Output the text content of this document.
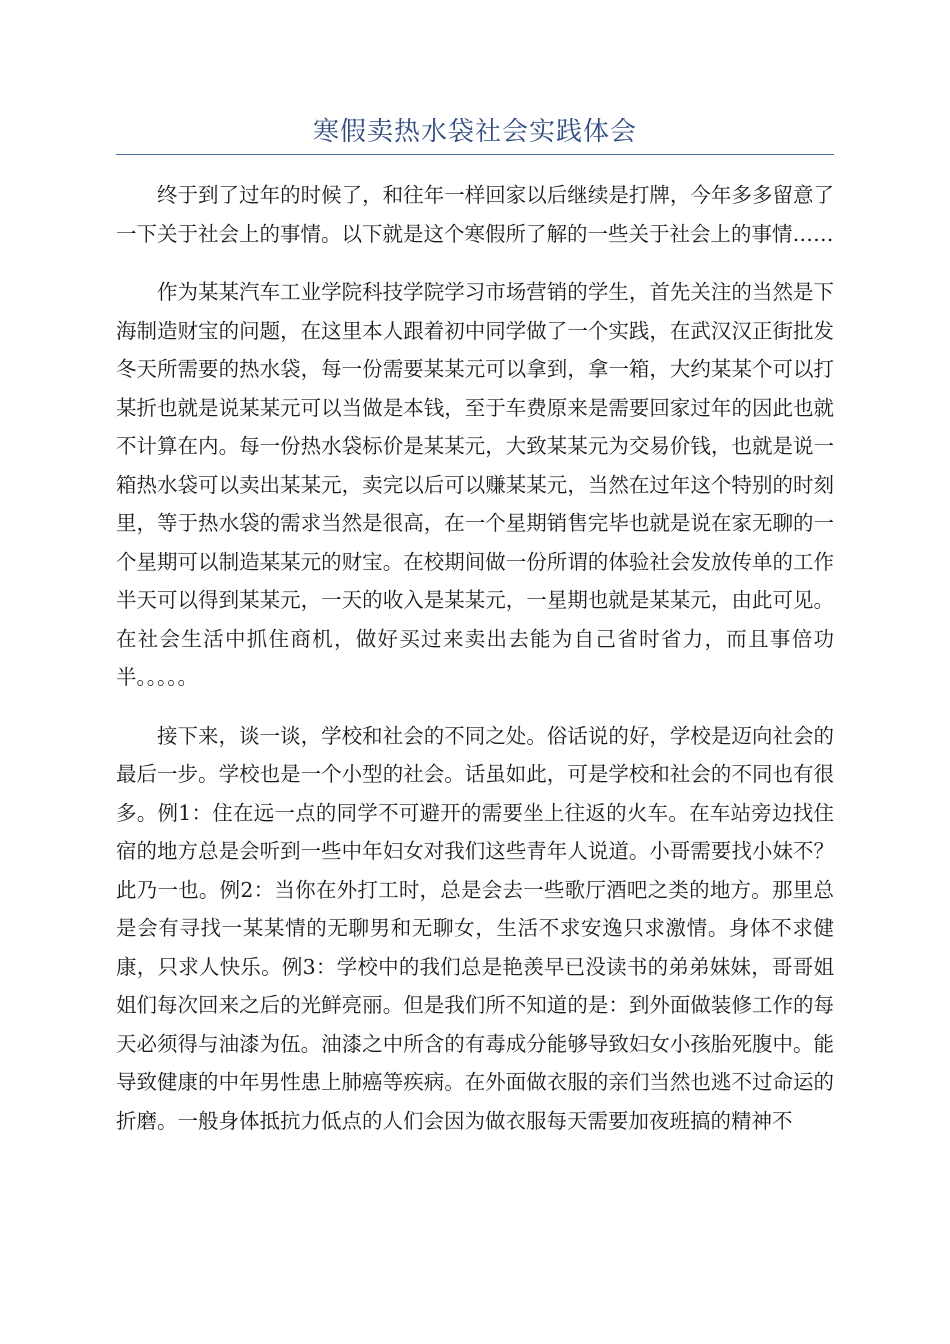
寒假卖热水袋社会实践体会

终于到了过年的时候了，和往年一样回家以后继续是打牌，今年多多留意了一下关于社会上的事情。以下就是这个寒假所了解的一些关于社会上的事情……

作为某某汽车工业学院科技学院学习市场营销的学生，首先关注的当然是下海制造财宝的问题，在这里本人跟着初中同学做了一个实践，在武汉汉正街批发冬天所需要的热水袋，每一份需要某某元可以拿到，拿一箱，大约某某个可以打某折也就是说某某元可以当做是本钱，至于车费原来是需要回家过年的因此也就不计算在内。每一份热水袋标价是某某元，大致某某元为交易价钱，也就是说一箱热水袋可以卖出某某元，卖完以后可以赚某某元，当然在过年这个特别的时刻里，等于热水袋的需求当然是很高，在一个星期销售完毕也就是说在家无聊的一个星期可以制造某某元的财宝。在校期间做一份所谓的体验社会发放传单的工作半天可以得到某某元，一天的收入是某某元，一星期也就是某某元，由此可见。在社会生活中抓住商机，做好买过来卖出去能为自己省时省力，而且事倍功半。。。。。

接下来，谈一谈，学校和社会的不同之处。俗话说的好，学校是迈向社会的最后一步。学校也是一个小型的社会。话虽如此，可是学校和社会的不同也有很多。例1：住在远一点的同学不可避开的需要坐上往返的火车。在车站旁边找住宿的地方总是会听到一些中年妇女对我们这些青年人说道。小哥需要找小妹不？此乃一也。例2：当你在外打工时，总是会去一些歌厅酒吧之类的地方。那里总是会有寻找一某某情的无聊男和无聊女，生活不求安逸只求激情。身体不求健康，只求人快乐。例3：学校中的我们总是艳羡早已没读书的弟弟妹妹，哥哥姐姐们每次回来之后的光鲜亮丽。但是我们所不知道的是：到外面做装修工作的每天必须得与油漆为伍。油漆之中所含的有毒成分能够导致妇女小孩胎死腹中。能导致健康的中年男性患上肺癌等疾病。在外面做衣服的亲们当然也逃不过命运的折磨。一般身体抵抗力低点的人们会因为做衣服每天需要加夜班搞的精神不
